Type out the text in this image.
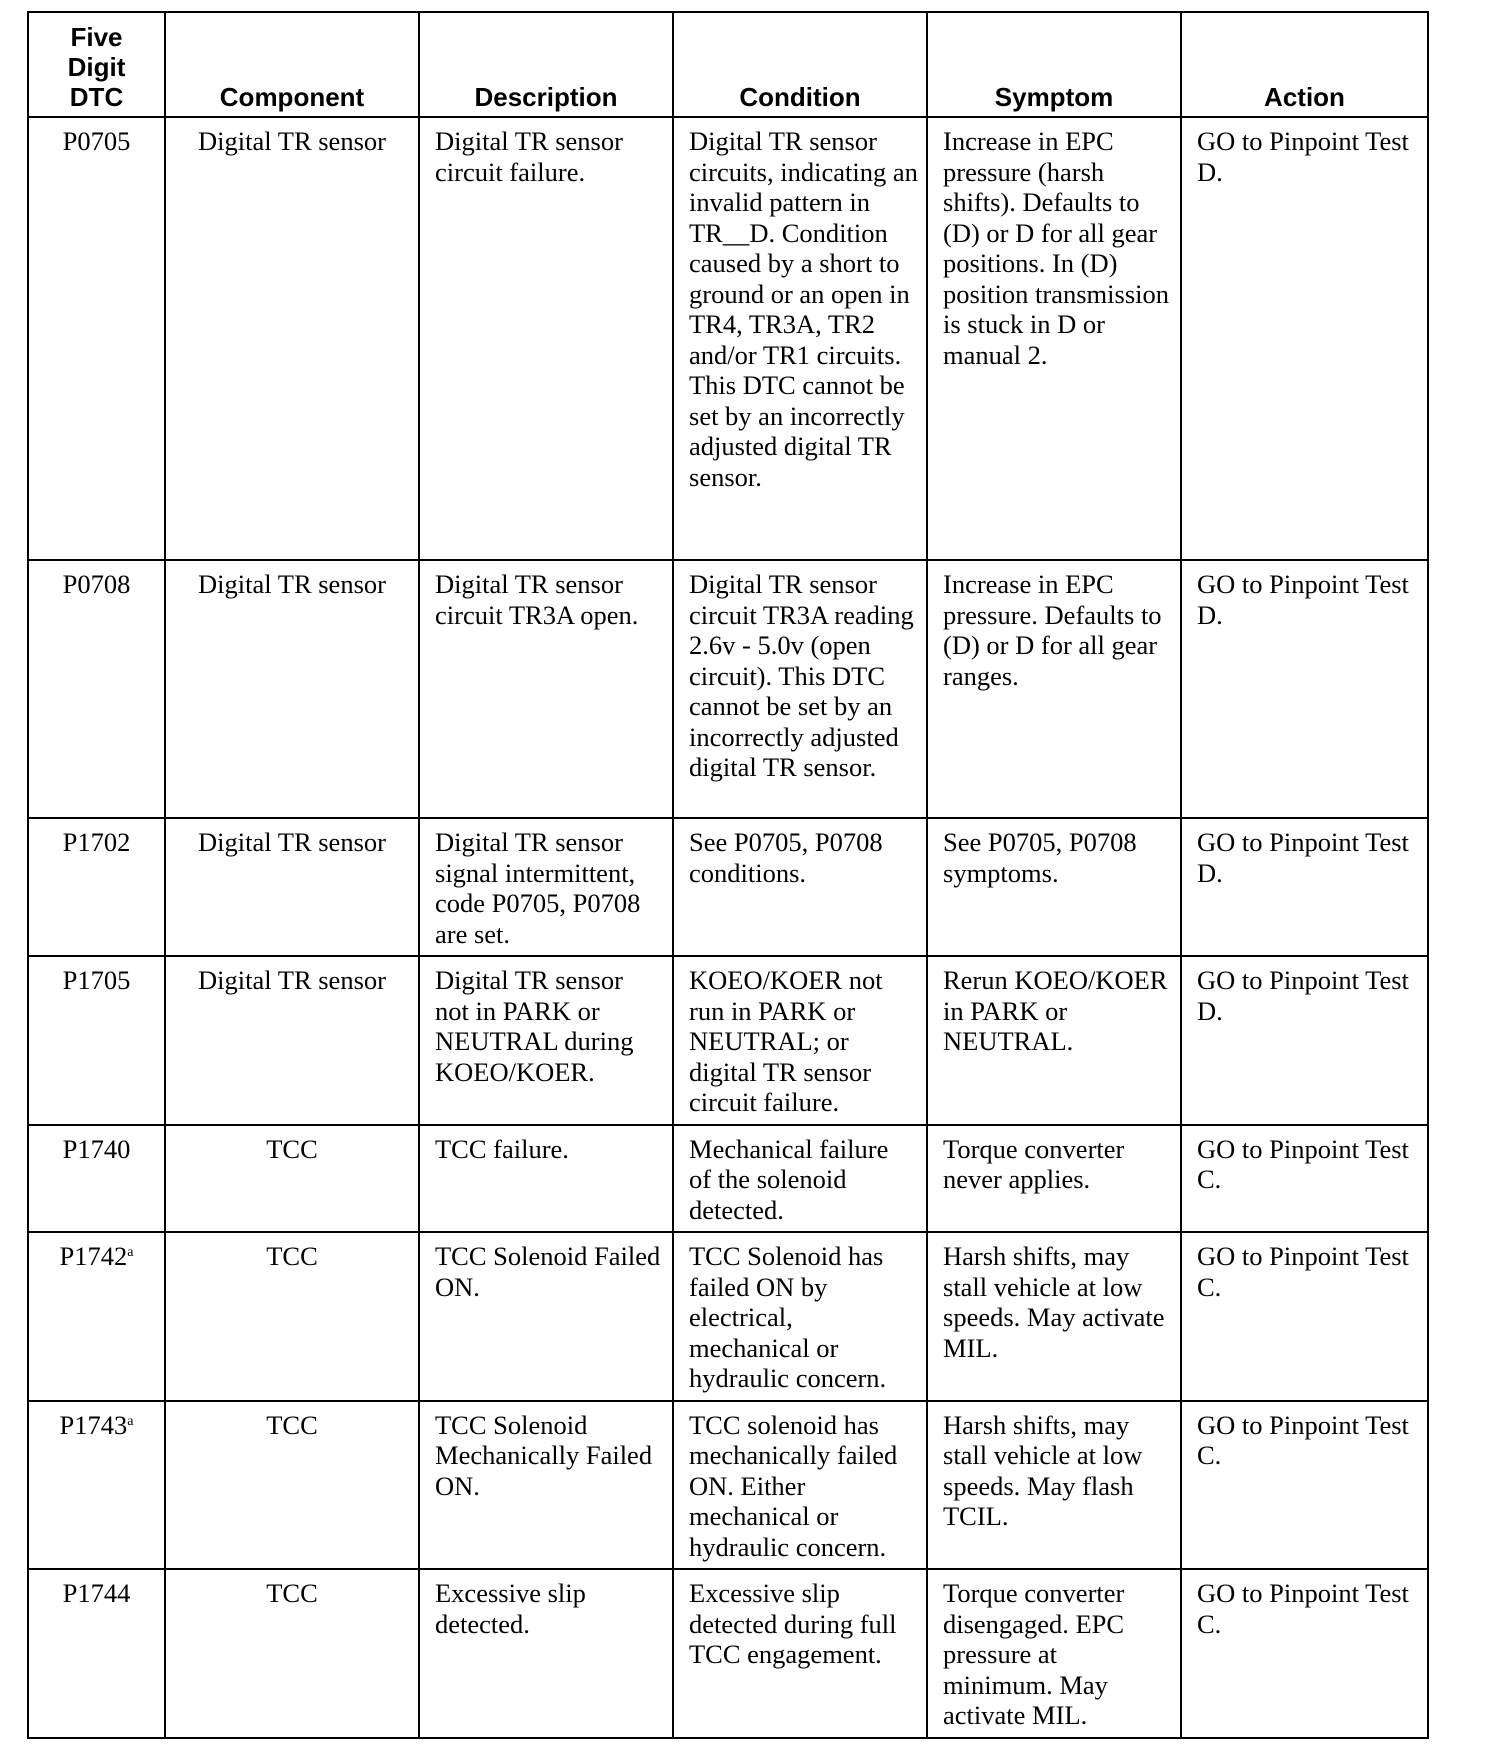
Five Digit DTC	Component	Description	Condition	Symptom	Action
P0705	Digital TR sensor	Digital TR sensor circuit failure.	Digital TR sensor circuits, indicating an invalid pattern in TR__D. Condition caused by a short to ground or an open in TR4, TR3A, TR2 and/or TR1 circuits. This DTC cannot be set by an incorrectly adjusted digital TR sensor.	Increase in EPC pressure (harsh shifts). Defaults to (D) or D for all gear positions. In (D) position transmission is stuck in D or manual 2.	GO to Pinpoint Test D.
P0708	Digital TR sensor	Digital TR sensor circuit TR3A open.	Digital TR sensor circuit TR3A reading 2.6v - 5.0v (open circuit). This DTC cannot be set by an incorrectly adjusted digital TR sensor.	Increase in EPC pressure. Defaults to (D) or D for all gear ranges.	GO to Pinpoint Test D.
P1702	Digital TR sensor	Digital TR sensor signal intermittent, code P0705, P0708 are set.	See P0705, P0708 conditions.	See P0705, P0708 symptoms.	GO to Pinpoint Test D.
P1705	Digital TR sensor	Digital TR sensor not in PARK or NEUTRAL during KOEO/KOER.	KOEO/KOER not run in PARK or NEUTRAL; or digital TR sensor circuit failure.	Rerun KOEO/KOER in PARK or NEUTRAL.	GO to Pinpoint Test D.
P1740	TCC	TCC failure.	Mechanical failure of the solenoid detected.	Torque converter never applies.	GO to Pinpoint Test C.
P1742$^a$	TCC	TCC Solenoid Failed ON.	TCC Solenoid has failed ON by electrical, mechanical or hydraulic concern.	Harsh shifts, may stall vehicle at low speeds. May activate MIL.	GO to Pinpoint Test C.
P1743$^a$	TCC	TCC Solenoid Mechanically Failed ON.	TCC solenoid has mechanically failed ON. Either mechanical or hydraulic concern.	Harsh shifts, may stall vehicle at low speeds. May flash TCIL.	GO to Pinpoint Test C.
P1744	TCC	Excessive slip detected.	Excessive slip detected during full TCC engagement.	Torque converter disengaged. EPC pressure at minimum. May activate MIL.	GO to Pinpoint Test C.
